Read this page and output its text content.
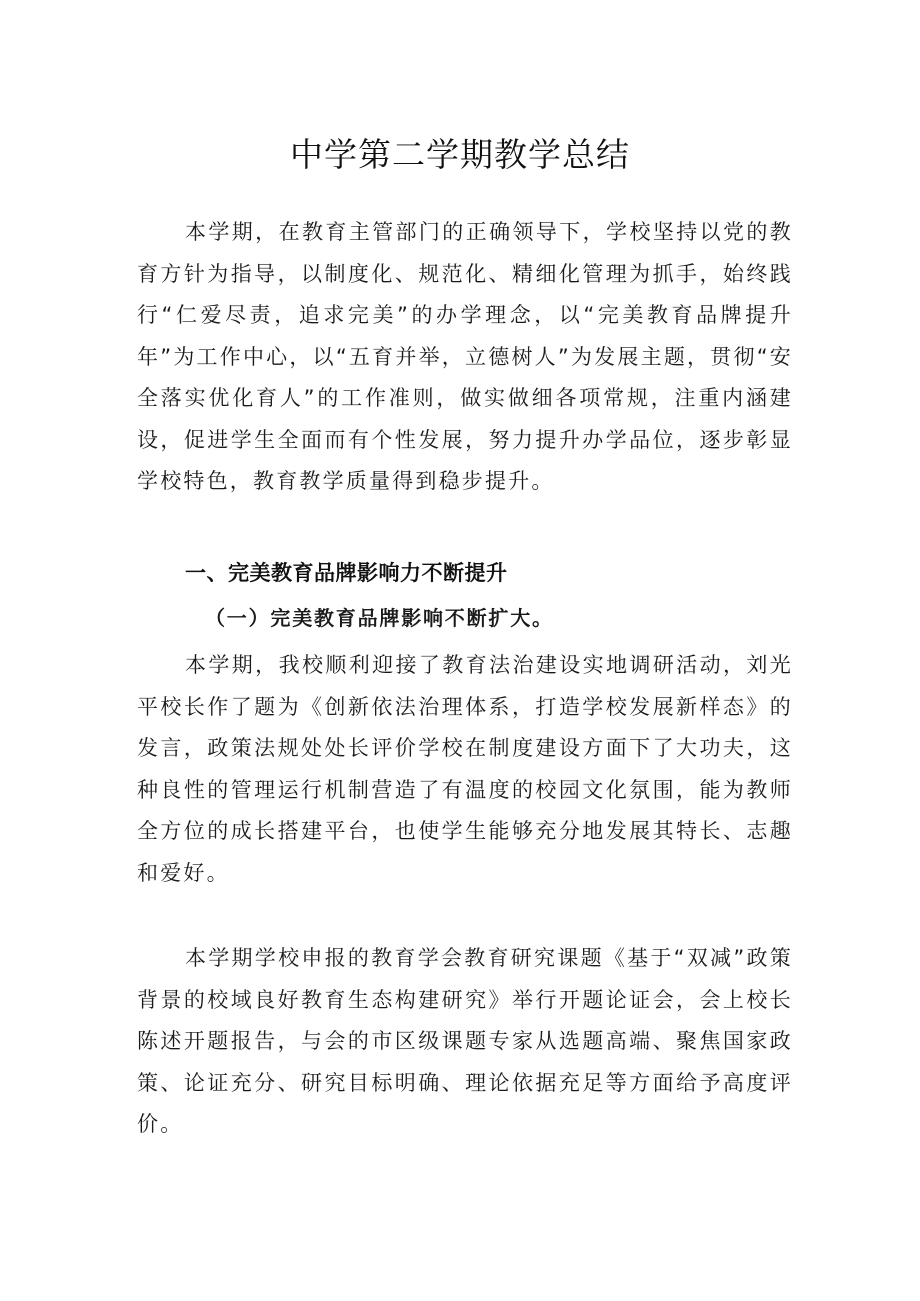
中学第二学期教学总结

本学期，在教育主管部门的正确领导下，学校坚持以党的教育方针为指导，以制度化、规范化、精细化管理为抓手，始终践行“仁爱尽责，追求完美”的办学理念，以“完美教育品牌提升年”为工作中心，以“五育并举，立德树人”为发展主题，贯彻“安全落实优化育人”的工作准则，做实做细各项常规，注重内涵建设，促进学生全面而有个性发展，努力提升办学品位，逐步彰显学校特色，教育教学质量得到稳步提升。

一、完美教育品牌影响力不断提升
（一）完美教育品牌影响不断扩大。

本学期，我校顺利迎接了教育法治建设实地调研活动，刘光平校长作了题为《创新依法治理体系，打造学校发展新样态》的发言，政策法规处处长评价学校在制度建设方面下了大功夫，这种良性的管理运行机制营造了有温度的校园文化氛围，能为教师全方位的成长搭建平台，也使学生能够充分地发展其特长、志趣和爱好。

本学期学校申报的教育学会教育研究课题《基于“双减”政策背景的校域良好教育生态构建研究》举行开题论证会，会上校长陈述开题报告，与会的市区级课题专家从选题高端、聚焦国家政策、论证充分、研究目标明确、理论依据充足等方面给予高度评价。
